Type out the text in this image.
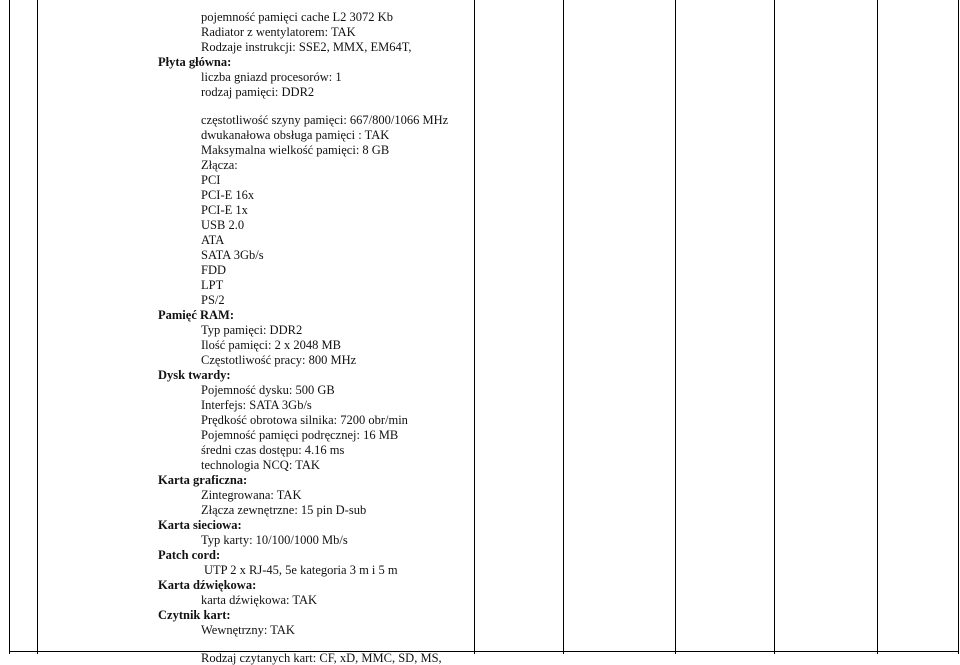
pojemność pamięci cache L2 3072 Kb
Radiator z wentylatorem: TAK
Rodzaje instrukcji: SSE2, MMX, EM64T,
Płyta główna:
liczba gniazd procesorów: 1
rodzaj pamięci: DDR2
częstotliwość szyny pamięci: 667/800/1066 MHz
dwukanałowa obsługa pamięci : TAK
Maksymalna wielkość pamięci: 8 GB
Złącza:
PCI
PCI-E 16x
PCI-E 1x
USB 2.0
ATA
SATA 3Gb/s
FDD
LPT
PS/2
Pamięć RAM:
Typ pamięci: DDR2
Ilość pamięci: 2 x 2048 MB
Częstotliwość pracy: 800 MHz
Dysk twardy:
Pojemność dysku: 500 GB
Interfejs: SATA 3Gb/s
Prędkość obrotowa silnika: 7200 obr/min
Pojemność pamięci podręcznej: 16 MB
średni czas dostępu: 4.16 ms
technologia NCQ: TAK
Karta graficzna:
Zintegrowana: TAK
Złącza zewnętrzne: 15 pin D-sub
Karta sieciowa:
Typ karty: 10/100/1000 Mb/s
Patch cord:
UTP 2 x RJ-45, 5e kategoria 3 m i 5 m
Karta dźwiękowa:
karta dźwiękowa: TAK
Czytnik kart:
Wewnętrzny: TAK
Rodzaj czytanych kart: CF, xD, MMC, SD, MS,
